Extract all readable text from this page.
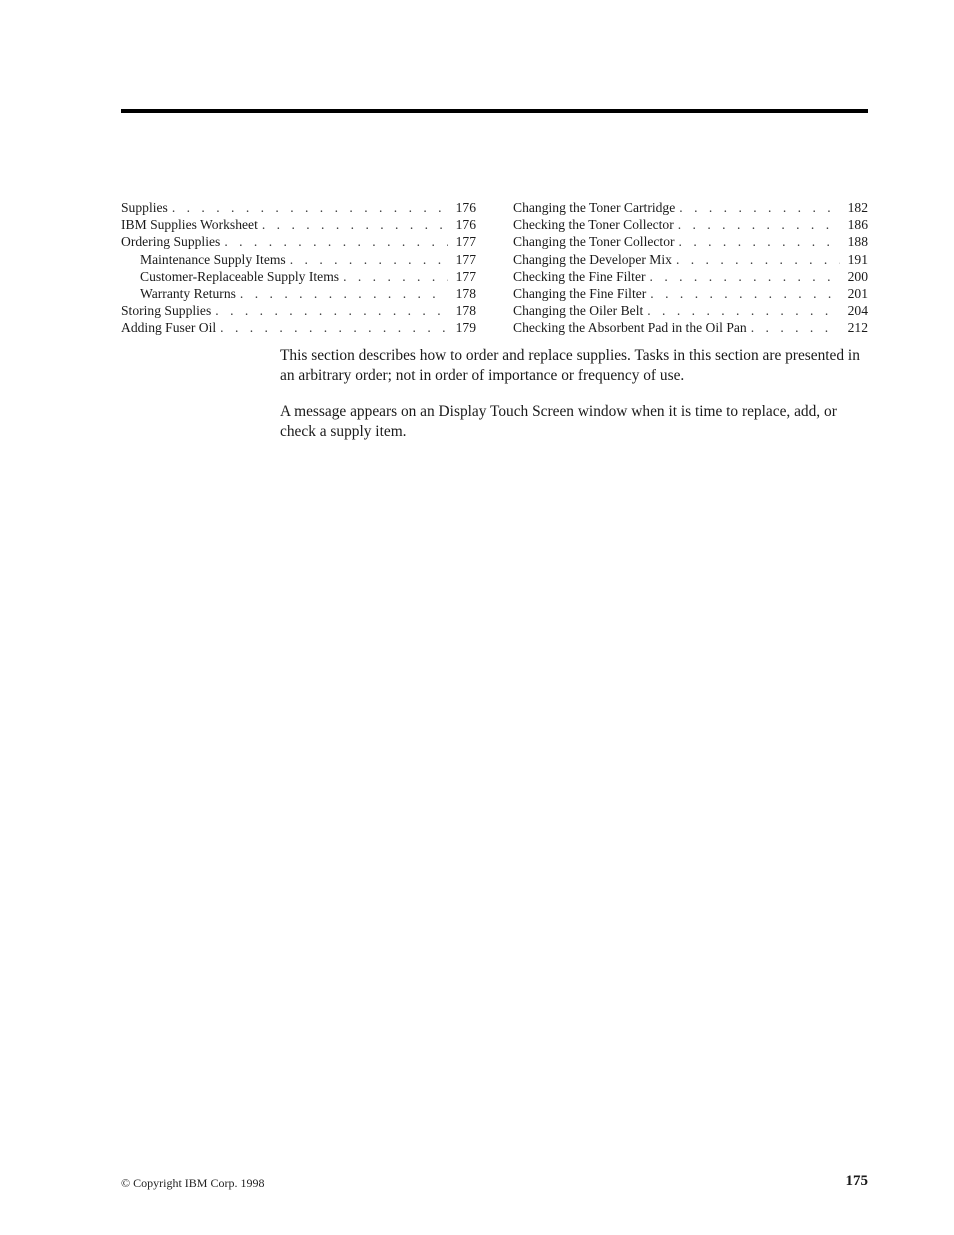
Supplies . . .	176
IBM Supplies Worksheet . . .	176
Ordering Supplies . . .	177
Maintenance Supply Items . . .	177
Customer-Replaceable Supply Items . . .	177
Warranty Returns . . .	178
Storing Supplies . . .	178
Adding Fuser Oil . . .	179
Changing the Toner Cartridge . . .	182
Checking the Toner Collector . . .	186
Changing the Toner Collector . . .	188
Changing the Developer Mix . . .	191
Checking the Fine Filter . . .	200
Changing the Fine Filter . . .	201
Changing the Oiler Belt . . .	204
Checking the Absorbent Pad in the Oil Pan . . .	212

This section describes how to order and replace supplies. Tasks in this section are presented in an arbitrary order; not in order of importance or frequency of use.

A message appears on an Display Touch Screen window when it is time to replace, add, or check a supply item.

© Copyright IBM Corp. 1998	175
